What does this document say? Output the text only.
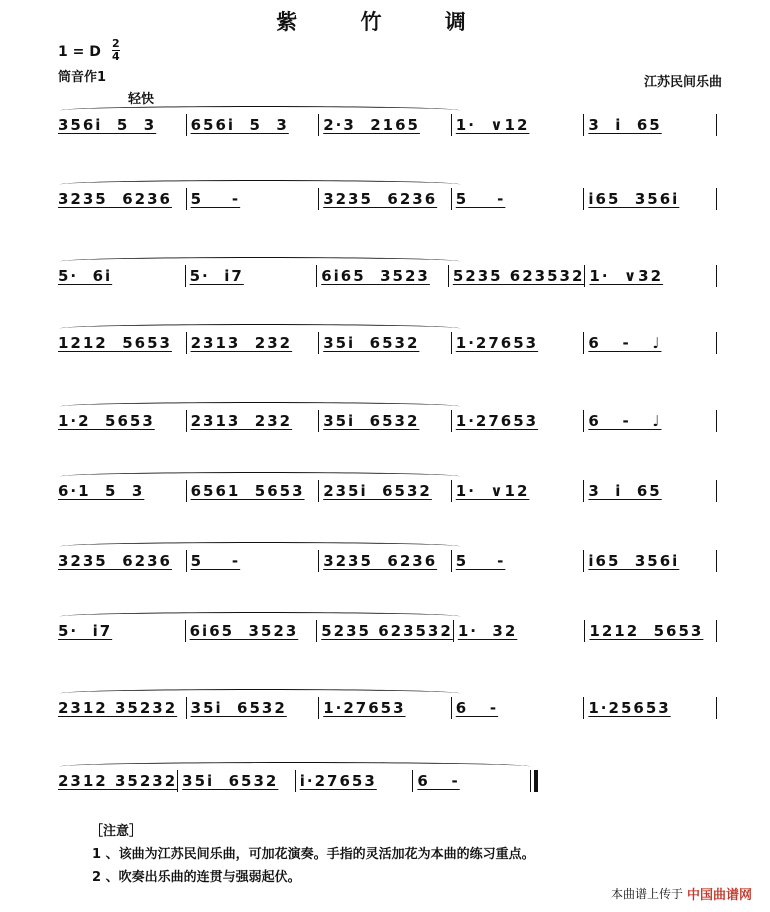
紫 竹 调
1 = D
2
4
筒音作1
轻快
江苏民间乐曲
356i  5  3	656i  5  3	2·3  2165	1·  ∨12	3  i  65
3235  6236	5    -	3235  6236	5    -	i65  356i
5·  6i	5·  i7	6i65  3523	5235 623532 1·  ∨32
1212  5653	2313  232	35i  6532	1·27653	6   -   ♩
1·2  5653	2313  232	35i  6532	1·27653	6   -   ♩
6·1  5  3	6561  5653	235i  6532	1·  ∨12	3  i  65
3235  6236	5    -	3235  6236	5    -	i65  356i
5·  i7	6i65  3523	5235 623532 1·  32	1212  5653
2312 35232 35i  6532	1·27653	6   -	1·25653
2312 35232 35i  6532	i·27653	6   -
［注意］
1 、该曲为江苏民间乐曲，可加花演奏。手指的灵活加花为本曲的练习重点。
2 、吹奏出乐曲的连贯与强弱起伏。
本曲谱上传于 中国曲谱网
